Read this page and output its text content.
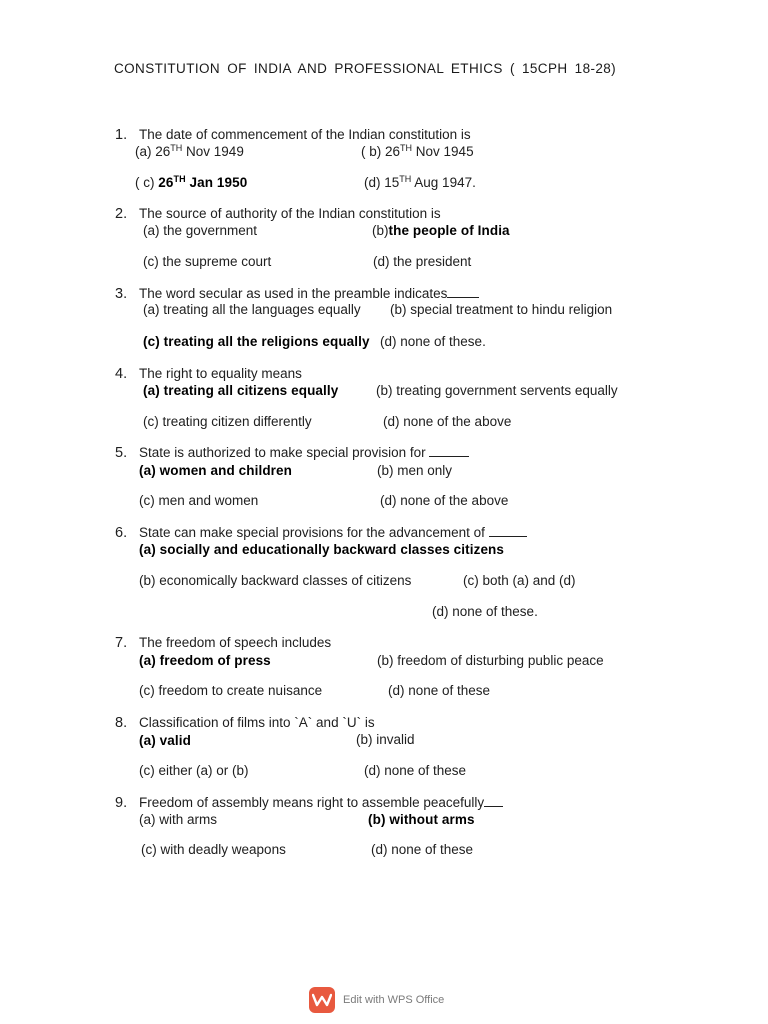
CONSTITUTION OF INDIA AND PROFESSIONAL ETHICS ( 15CPH 18-28)
1. The date of commencement of the Indian constitution is
(a) 26TH Nov 1949	( b) 26TH Nov 1945
( c) 26TH Jan 1950	(d) 15TH Aug 1947.
2. The source of authority of the Indian constitution is
(a) the government	(b)the people of India
(c) the supreme court	(d) the president
3. The word secular as used in the preamble indicates
(a) treating all the languages equally (b) special treatment to hindu religion
(c) treating all the religions equally (d) none of these.
4. The right to equality means
(a) treating all citizens equally	(b) treating government servents equally
(c) treating citizen differently	(d) none of the above
5. State is authorized to make special provision for
(a) women and children	(b) men only
(c) men and women	(d) none of the above
6. State can make special provisions for the advancement of
(a) socially and educationally backward classes citizens
(b) economically backward classes of citizens	(c) both (a) and (d)
(d) none of these.
7. The freedom of speech includes
(a) freedom of press	(b) freedom of disturbing public peace
(c) freedom to create nuisance	(d) none of these
8. Classification of films into `A` and `U` is
(a) valid	(b) invalid
(c) either (a) or (b)	(d) none of these
9. Freedom of assembly means right to assemble peacefully
(a) with arms	(b) without arms
(c) with deadly weapons	(d) none of these
Edit with WPS Office
